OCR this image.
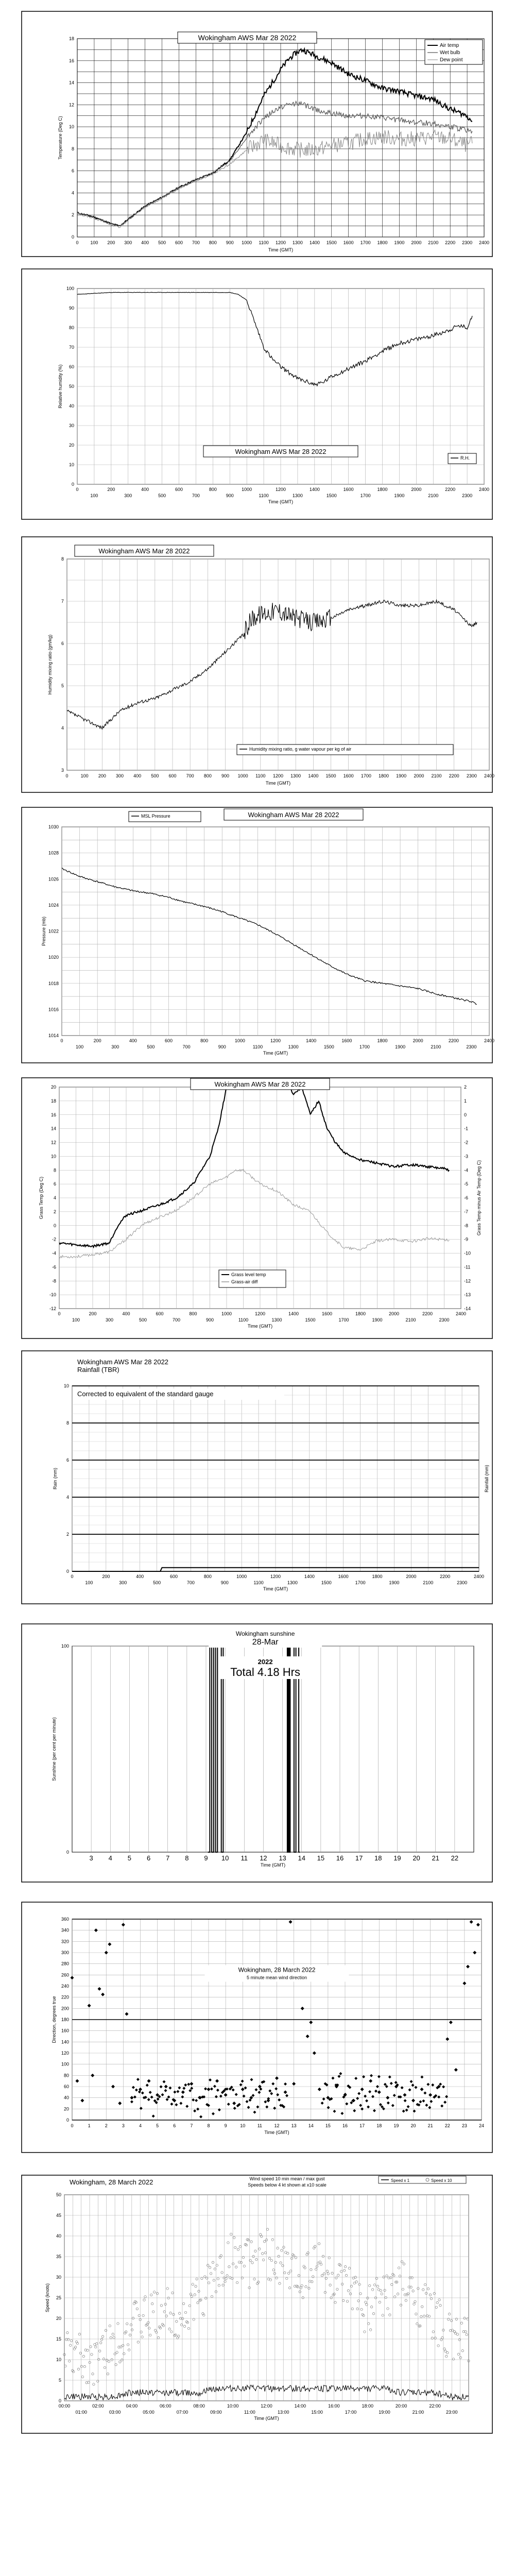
0
2
4
6
8
10
12
14
16
18
0	100 200 300 400 500 600 700 800 900 1000 1100 1200 1300 1400 1500 1600 1700 1800 1900 2000 2100 2200 2300 2400
Time (GMT)
Temperature (Deg C)
Wokingham AWS Mar 28 2022
Air temp
Wet bulb
Dew point
0
10
20
30
40
50
60
70
80
90
100
0	200	400	600	800	1000	1200	1400	1600	1800	2000	2200	2400
100	300	500	700	900	1100	1300	1500	1700	1900	2100	2300
Time (GMT)
Relative humidity (%)
Wokingham AWS Mar 28 2022
R.H.
3
4
5
6
7
8
0	100 200 300 400 500 600 700 800 900 1000 1100 1200 1300 1400 1500 1600 1700 1800 1900 2000 2100 2200 2300 2400
Time (GMT)
Humidity mixing ratio (gm/kg)
Wokingham AWS Mar 28 2022
Humidity mixing ratio, g water vapour per kg of air
1014
1016
1018
1020
1022
1024
1026
1028
1030
0	200	400	600	800	1000	1200	1400	1600	1800	2000	2200	2400
100	300	500	700	900	1100	1300	1500	1700	1900	2100	2300
Time (GMT)
Pressure (mb)
MSL Pressure	Wokingham AWS Mar 28 2022
-12
-10
-8
-6
-4
-2
0
2
4
6
8
10
12
14
16
18
20
-14
-13
-12
-11
-10
-9
-8
-7
-6
-5
-4
-3
-2
-1
0
1
2
0	200	400	600	800	1000	1200	1400	1600	1800	2000	2200	2400
100	300	500	700	900	1100	1300	1500	1700	1900	2100	2300
Time (GMT)
Grass Temp (Deg C)	Grass Temp minus Air Temp (Deg C)
Wokingham AWS Mar 28 2022
Grass level temp
Grass-air diff
0
2
4
6
8
10
0	200	400	600	800	1000	1200	1400	1600	1800	2000	2200	2400
100	300	500	700	900	1100	1300	1500	1700	1900	2100	2300
Time (GMT)
Rain (mm)	Rainfall (mm)
Wokingham AWS Mar 28 2022
Rainfall (TBR)
Corrected to equivalent of the standard gauge
0
100
3 4 5 6 7 8 9 10 11 12 13 14 15 16 17 18 19 20 21 22
Time (GMT)
Sunshine (per cent per minute)
Wokingham sunshine
28-Mar
2022
Total 4.18 Hrs
0
20
40
60
80
100
120
140
160
180
200
220
240
260
280
300
320
340
360
0	1	2	3	4	5	6	7	8	9	10	11	12	13	14	15	16	17	18	19	20	21	22	23	24
Time (GMT)
Direction, degrees true
Wokingham, 28 March 2022
5 minute mean wind direction
0
5
10
15
20
25
30
35
40
45
50
00:00	02:00	04:00	06:00	08:00	10:00	12:00	14:00	16:00	18:00	20:00	22:00
01:00	03:00	05:00	07:00	09:00	11:00	13:00	15:00	17:00	19:00	21:00	23:00
Time (GMT)
Speed (knots)
Wokingham, 28 March 2022	Wind speed 10 min mean / max gust
Speeds below 4 kt shown at x10 scale
Speed x 1	Speed x 10
